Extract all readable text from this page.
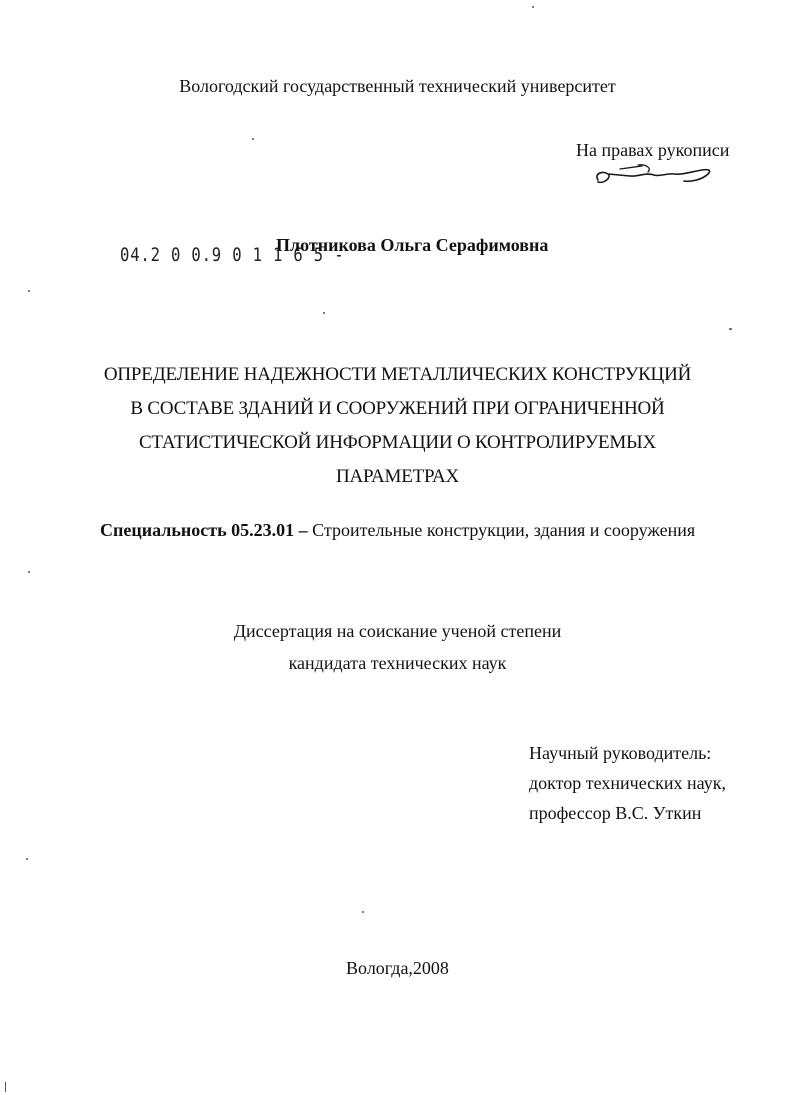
Вологодский государственный технический университет
На правах рукописи
04.2 0 0.9 0 1 1 6 5 -
Плотникова Ольга Серафимовна
ОПРЕДЕЛЕНИЕ НАДЕЖНОСТИ МЕТАЛЛИЧЕСКИХ КОНСТРУКЦИЙ
В СОСТАВЕ ЗДАНИЙ И СООРУЖЕНИЙ ПРИ ОГРАНИЧЕННОЙ
СТАТИСТИЧЕСКОЙ ИНФОРМАЦИИ О КОНТРОЛИРУЕМЫХ
ПАРАМЕТРАХ
Специальность 05.23.01 – Строительные конструкции, здания и сооружения
Диссертация на соискание ученой степени
кандидата технических наук
Научный руководитель:
доктор технических наук,
профессор В.С. Уткин
Вологда,2008
